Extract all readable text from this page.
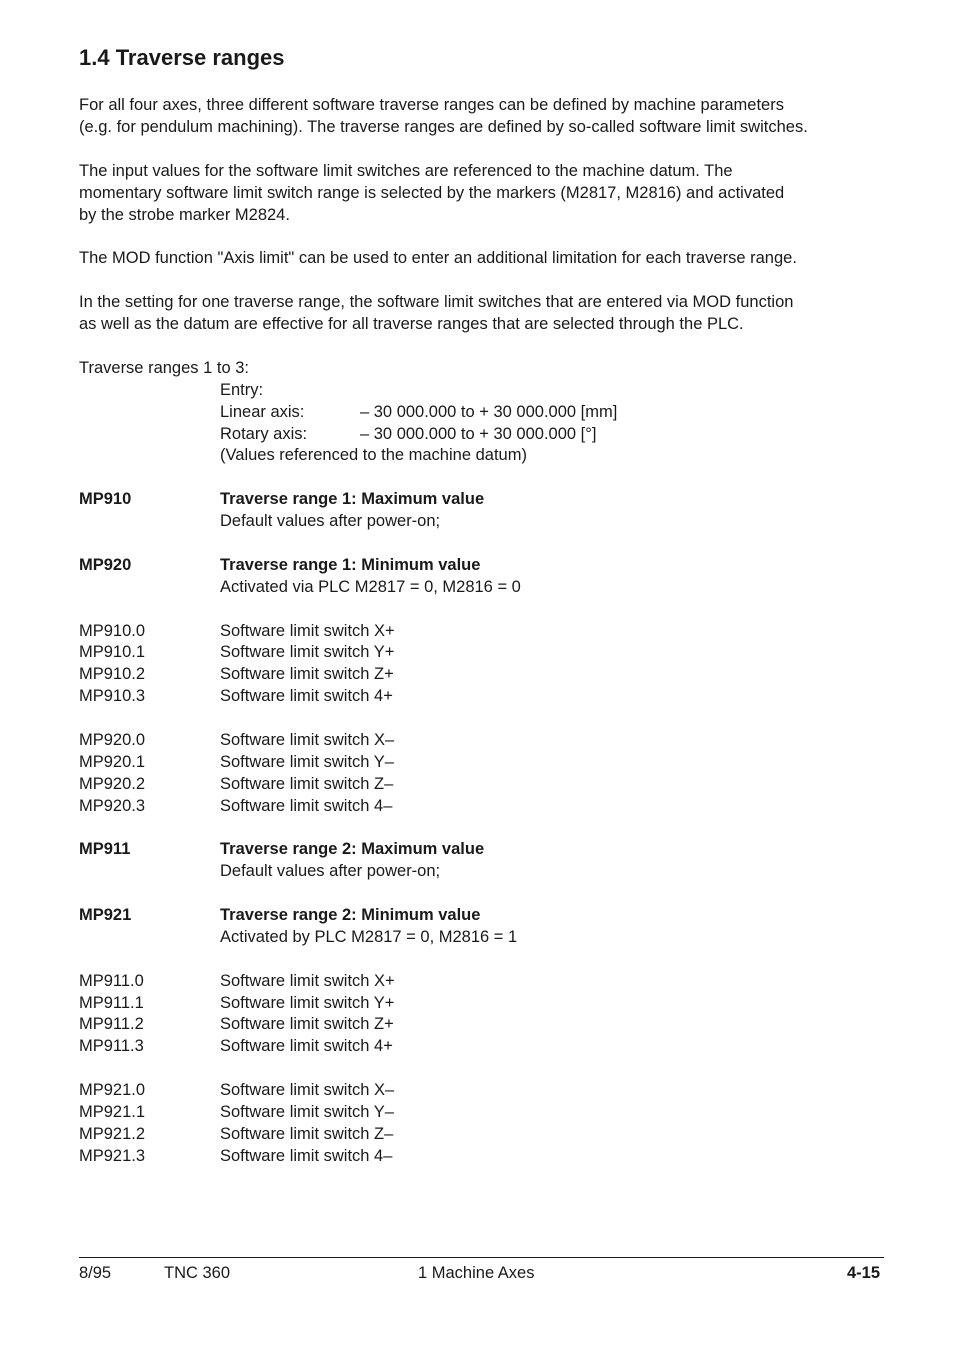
1.4 Traverse ranges
For all four axes, three different software traverse ranges can be defined by machine parameters
(e.g. for pendulum machining). The traverse ranges are defined by so-called software limit switches.
The input values for the software limit switches are referenced to the machine datum. The
momentary software limit switch range is selected by the markers (M2817, M2816) and activated
by the strobe marker M2824.
The MOD function "Axis limit" can be used to enter an additional limitation for each traverse range.
In the setting for one traverse range, the software limit switches that are entered via MOD function
as well as the datum are effective for all traverse ranges that are selected through the PLC.
Traverse ranges 1 to 3:
Entry:
Linear axis:	– 30 000.000 to + 30 000.000 [mm]
Rotary axis:	– 30 000.000 to + 30 000.000 [°]
(Values referenced to the machine datum)
MP910	Traverse range 1: Maximum value
Default values after power-on;
MP920	Traverse range 1: Minimum value
Activated via PLC M2817 = 0, M2816 = 0
MP910.0	Software limit switch X+
MP910.1	Software limit switch Y+
MP910.2	Software limit switch Z+
MP910.3	Software limit switch 4+
MP920.0	Software limit switch X–
MP920.1	Software limit switch Y–
MP920.2	Software limit switch Z–
MP920.3	Software limit switch 4–
MP911	Traverse range 2: Maximum value
Default values after power-on;
MP921	Traverse range 2: Minimum value
Activated by PLC M2817 = 0, M2816 = 1
MP911.0	Software limit switch X+
MP911.1	Software limit switch Y+
MP911.2	Software limit switch Z+
MP911.3	Software limit switch 4+
MP921.0	Software limit switch X–
MP921.1	Software limit switch Y–
MP921.2	Software limit switch Z–
MP921.3	Software limit switch 4–
8/95	TNC 360	1 Machine Axes	4-15
